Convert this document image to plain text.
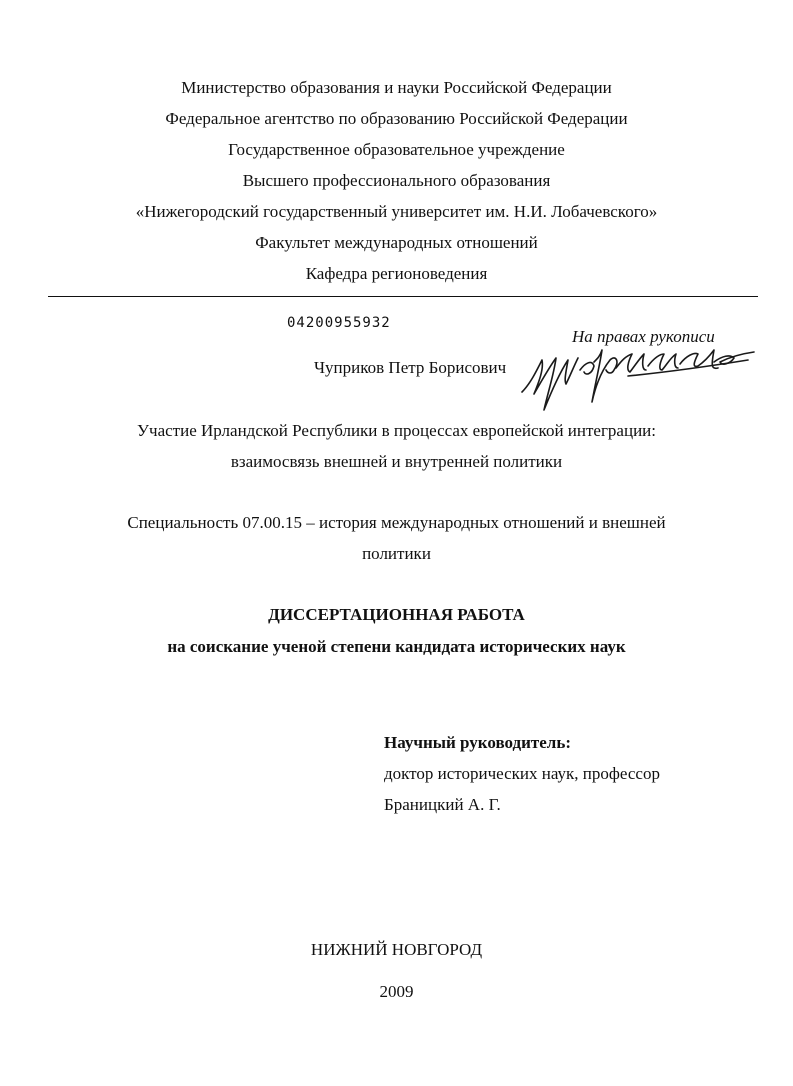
Министерство образования и науки Российской Федерации
Федеральное агентство по образованию Российской Федерации
Государственное образовательное учреждение
Высшего профессионального образования
«Нижегородский государственный университет им. Н.И. Лобачевского»
Факультет международных отношений
Кафедра регионоведения
04200955932
На правах рукописи
Чуприков Петр Борисович
Участие Ирландской Республики в процессах европейской интеграции:
взаимосвязь внешней и внутренней политики
Специальность 07.00.15 – история международных отношений и внешней
политики
ДИССЕРТАЦИОННАЯ РАБОТА
на соискание ученой степени кандидата исторических наук
Научный руководитель:
доктор исторических наук, профессор
Браницкий А. Г.
НИЖНИЙ НОВГОРОД
2009
